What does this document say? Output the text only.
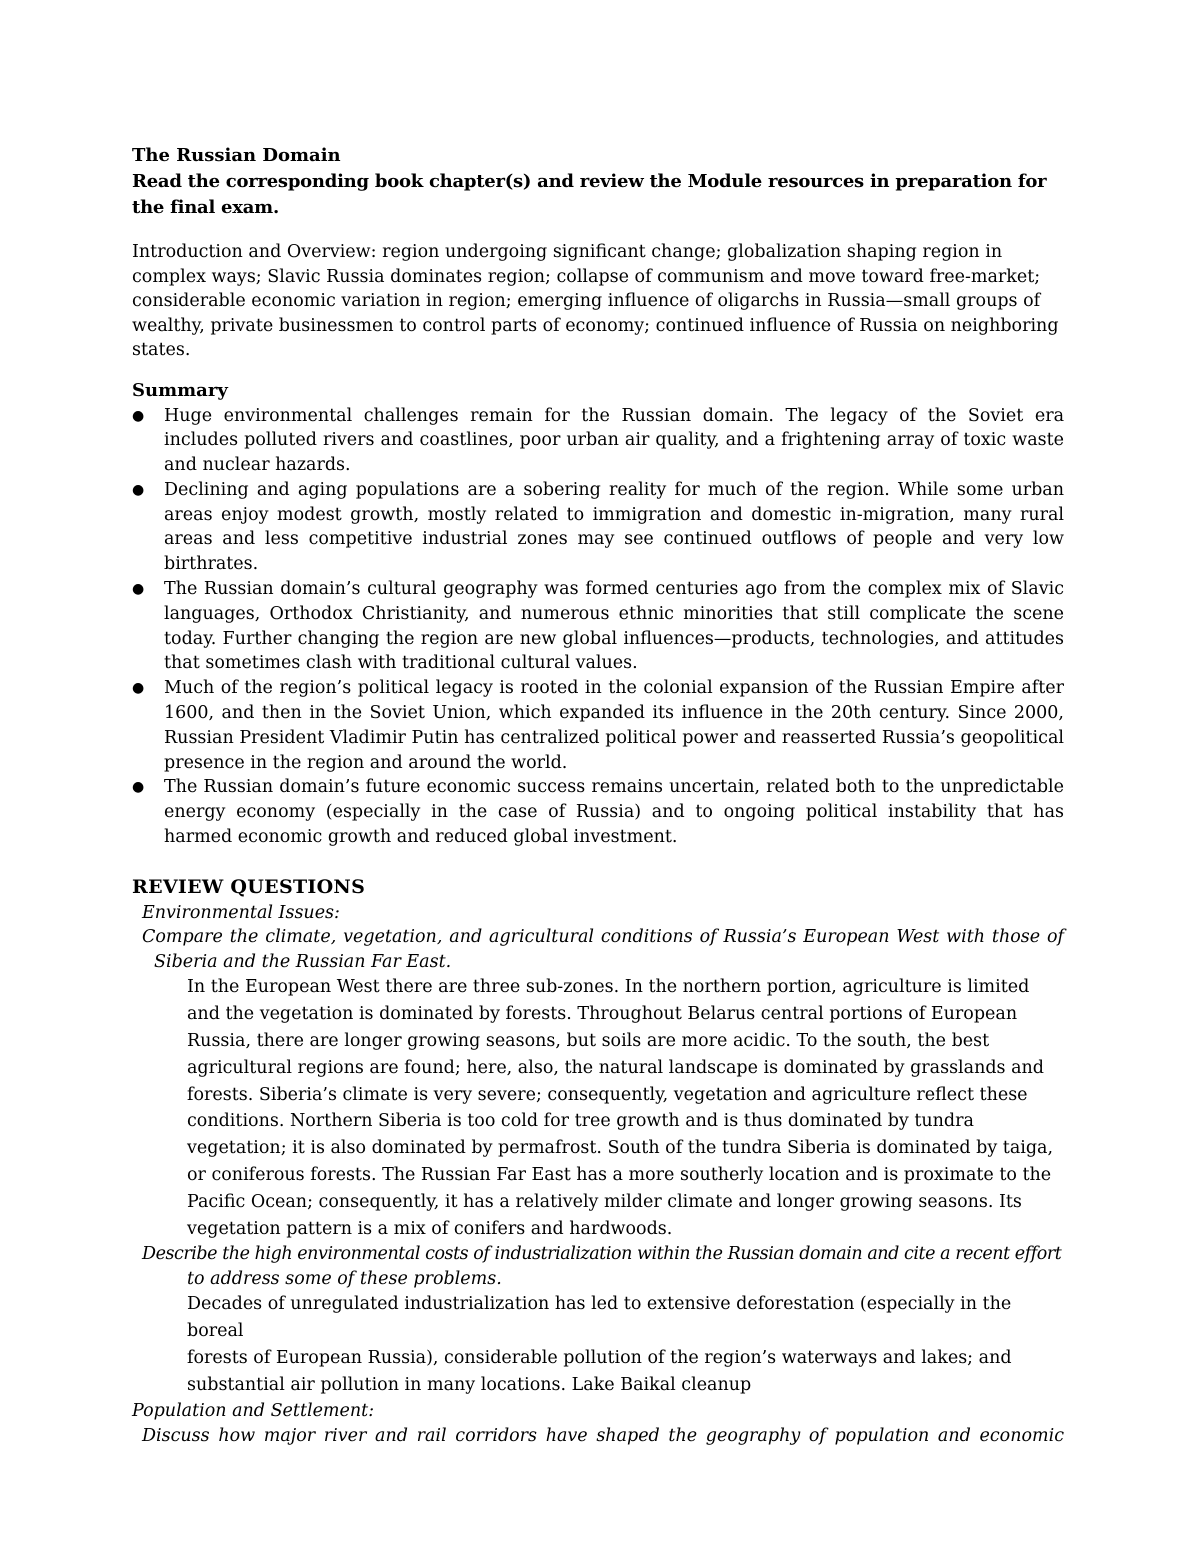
The Russian Domain
Read the corresponding book chapter(s) and review the Module resources in preparation for the final exam.
Introduction and Overview: region undergoing significant change; globalization shaping region in complex ways; Slavic Russia dominates region; collapse of communism and move toward free-market; considerable economic variation in region; emerging influence of oligarchs in Russia—small groups of wealthy, private businessmen to control parts of economy; continued influence of Russia on neighboring states.
Summary
● Huge environmental challenges remain for the Russian domain. The legacy of the Soviet era includes polluted rivers and coastlines, poor urban air quality, and a frightening array of toxic waste and nuclear hazards.
● Declining and aging populations are a sobering reality for much of the region. While some urban areas enjoy modest growth, mostly related to immigration and domestic in-migration, many rural areas and less competitive industrial zones may see continued outflows of people and very low birthrates.
● The Russian domain’s cultural geography was formed centuries ago from the complex mix of Slavic languages, Orthodox Christianity, and numerous ethnic minorities that still complicate the scene today. Further changing the region are new global influences—products, technologies, and attitudes that sometimes clash with traditional cultural values.
● Much of the region’s political legacy is rooted in the colonial expansion of the Russian Empire after 1600, and then in the Soviet Union, which expanded its influence in the 20th century. Since 2000, Russian President Vladimir Putin has centralized political power and reasserted Russia’s geopolitical presence in the region and around the world.
● The Russian domain’s future economic success remains uncertain, related both to the unpredictable energy economy (especially in the case of Russia) and to ongoing political instability that has harmed economic growth and reduced global investment.
REVIEW QUESTIONS
Environmental Issues:
Compare the climate, vegetation, and agricultural conditions of Russia’s European West with those of
Siberia and the Russian Far East.
In the European West there are three sub-zones. In the northern portion, agriculture is limited
and the vegetation is dominated by forests. Throughout Belarus central portions of European
Russia, there are longer growing seasons, but soils are more acidic. To the south, the best
agricultural regions are found; here, also, the natural landscape is dominated by grasslands and
forests. Siberia’s climate is very severe; consequently, vegetation and agriculture reflect these
conditions. Northern Siberia is too cold for tree growth and is thus dominated by tundra
vegetation; it is also dominated by permafrost. South of the tundra Siberia is dominated by taiga,
or coniferous forests. The Russian Far East has a more southerly location and is proximate to the
Pacific Ocean; consequently, it has a relatively milder climate and longer growing seasons. Its
vegetation pattern is a mix of conifers and hardwoods.
Describe the high environmental costs of industrialization within the Russian domain and cite a recent effort
to address some of these problems.
Decades of unregulated industrialization has led to extensive deforestation (especially in the boreal
forests of European Russia), considerable pollution of the region’s waterways and lakes; and
substantial air pollution in many locations. Lake Baikal cleanup
Population and Settlement:
Discuss how major river and rail corridors have shaped the geography of population and economic
